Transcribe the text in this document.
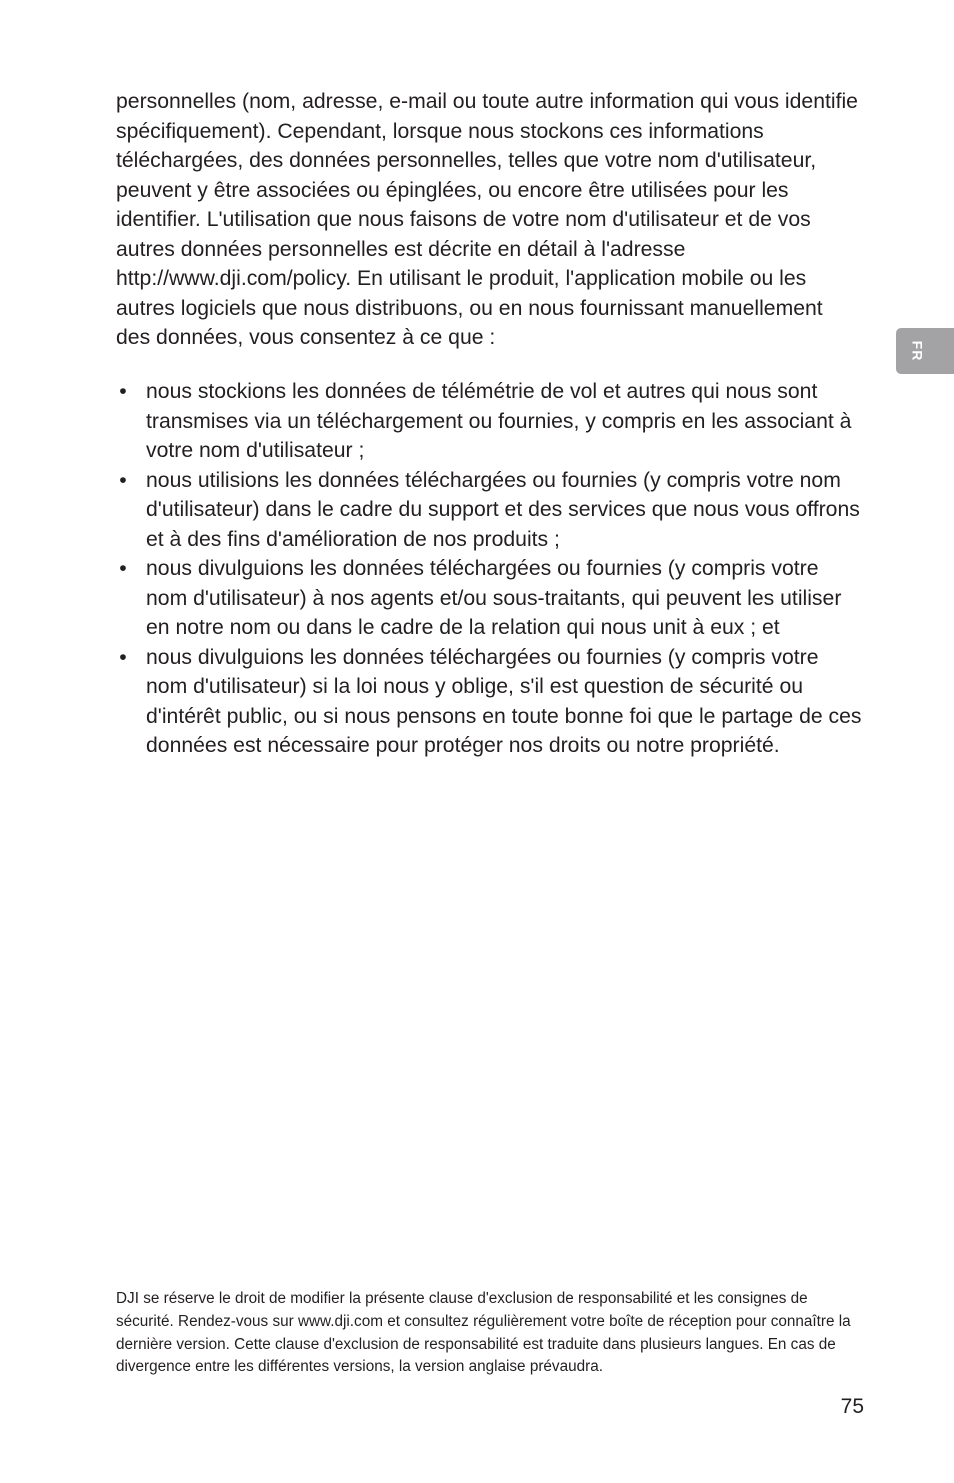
personnelles (nom, adresse, e-mail ou toute autre information qui vous identifie spécifiquement). Cependant, lorsque nous stockons ces informations téléchargées, des données personnelles, telles que votre nom d'utilisateur, peuvent y être associées ou épinglées, ou encore être utilisées pour les identifier. L'utilisation que nous faisons de votre nom d'utilisateur et de vos autres données personnelles est décrite en détail à l'adresse http://www.dji.com/policy. En utilisant le produit, l'application mobile ou les autres logiciels que nous distribuons, ou en nous fournissant manuellement des données, vous consentez à ce que :

• nous stockions les données de télémétrie de vol et autres qui nous sont transmises via un téléchargement ou fournies, y compris en les associant à votre nom d'utilisateur ;
• nous utilisions les données téléchargées ou fournies (y compris votre nom d'utilisateur) dans le cadre du support et des services que nous vous offrons et à des fins d'amélioration de nos produits ;
• nous divulguions les données téléchargées ou fournies (y compris votre nom d'utilisateur) à nos agents et/ou sous-traitants, qui peuvent les utiliser en notre nom ou dans le cadre de la relation qui nous unit à eux ; et
• nous divulguions les données téléchargées ou fournies (y compris votre nom d'utilisateur) si la loi nous y oblige, s'il est question de sécurité ou d'intérêt public, ou si nous pensons en toute bonne foi que le partage de ces données est nécessaire pour protéger nos droits ou notre propriété.
FR

DJI se réserve le droit de modifier la présente clause d'exclusion de responsabilité et les consignes de sécurité. Rendez-vous sur www.dji.com et consultez régulièrement votre boîte de réception pour connaître la dernière version. Cette clause d'exclusion de responsabilité est traduite dans plusieurs langues. En cas de divergence entre les différentes versions, la version anglaise prévaudra.

75
